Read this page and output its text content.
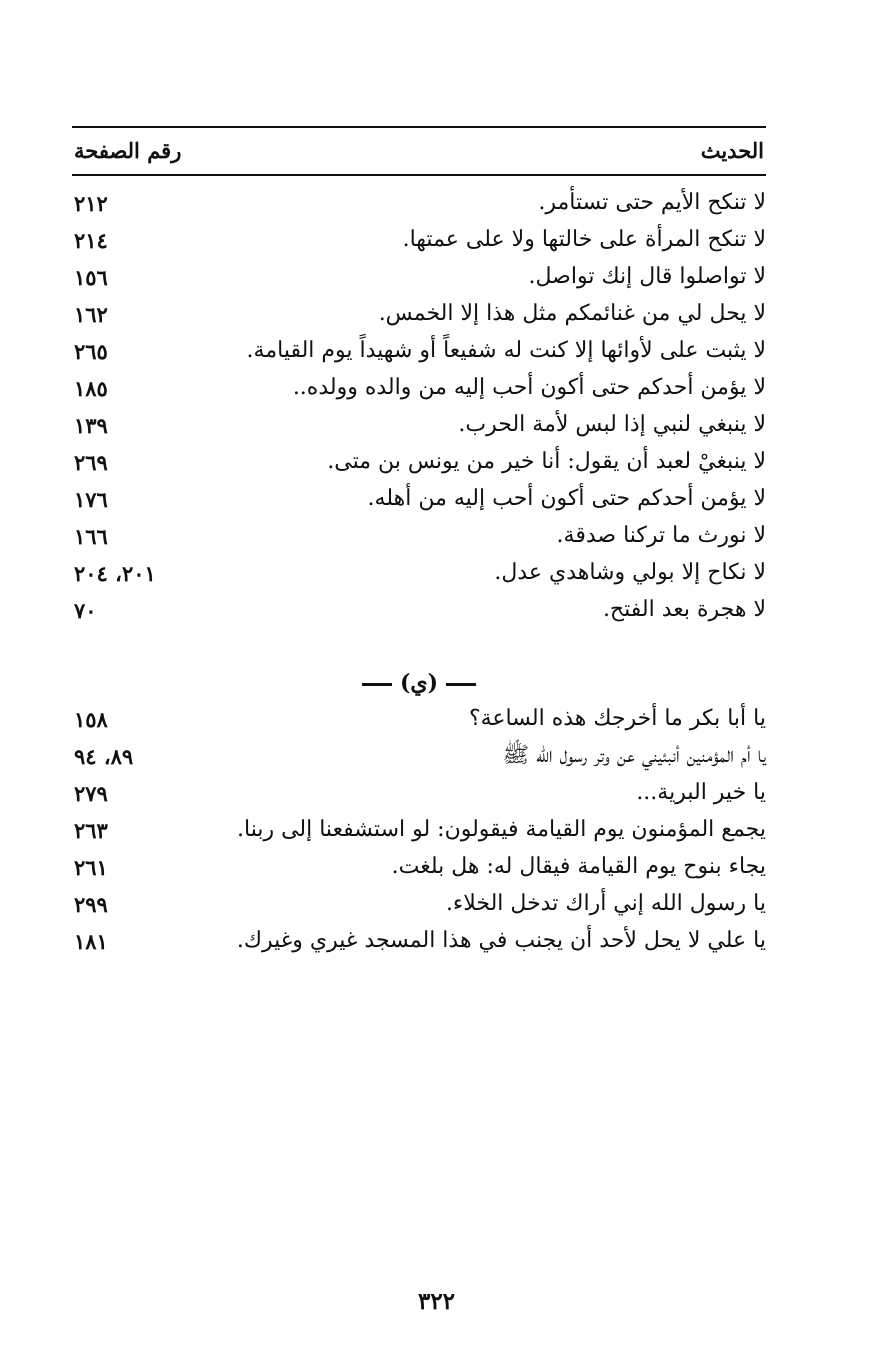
الحديث
رقم الصفحة
لا تنكح الأيم حتى تستأمر.
٢١٢
لا تنكح المرأة على خالتها ولا على عمتها.
٢١٤
لا تواصلوا قال إنك تواصل.
١٥٦
لا يحل لي من غنائمكم مثل هذا إلا الخمس.
١٦٢
لا يثبت على لأوائها إلا كنت له شفيعاً أو شهيداً يوم القيامة.
٢٦٥
لا يؤمن أحدكم حتى أكون أحب إليه من والده وولده..
١٨٥
لا ينبغي لنبي إذا لبس لأمة الحرب.
١٣٩
لا ينبغيْ لعبد أن يقول: أنا خير من يونس بن متى.
٢٦٩
لا يؤمن أحدكم حتى أكون أحب إليه من أهله.
١٧٦
لا نورث ما تركنا صدقة.
١٦٦
لا نكاح إلا بولي وشاهدي عدل.
٢٠١، ٢٠٤
لا هجرة بعد الفتح.
٧٠
(ي)
يا أبا بكر ما أخرجك هذه الساعة؟
١٥٨
يا أم المؤمنين أنبئيني عن وتر رسول الله ﷺ
٨٩، ٩٤
يا خير البرية...
٢٧٩
يجمع المؤمنون يوم القيامة فيقولون: لو استشفعنا إلى ربنا.
٢٦٣
يجاء بنوح يوم القيامة فيقال له: هل بلغت.
٢٦١
يا رسول الله إني أراك تدخل الخلاء.
٢٩٩
يا علي لا يحل لأحد أن يجنب في هذا المسجد غيري وغيرك.
١٨١
٣٢٢
